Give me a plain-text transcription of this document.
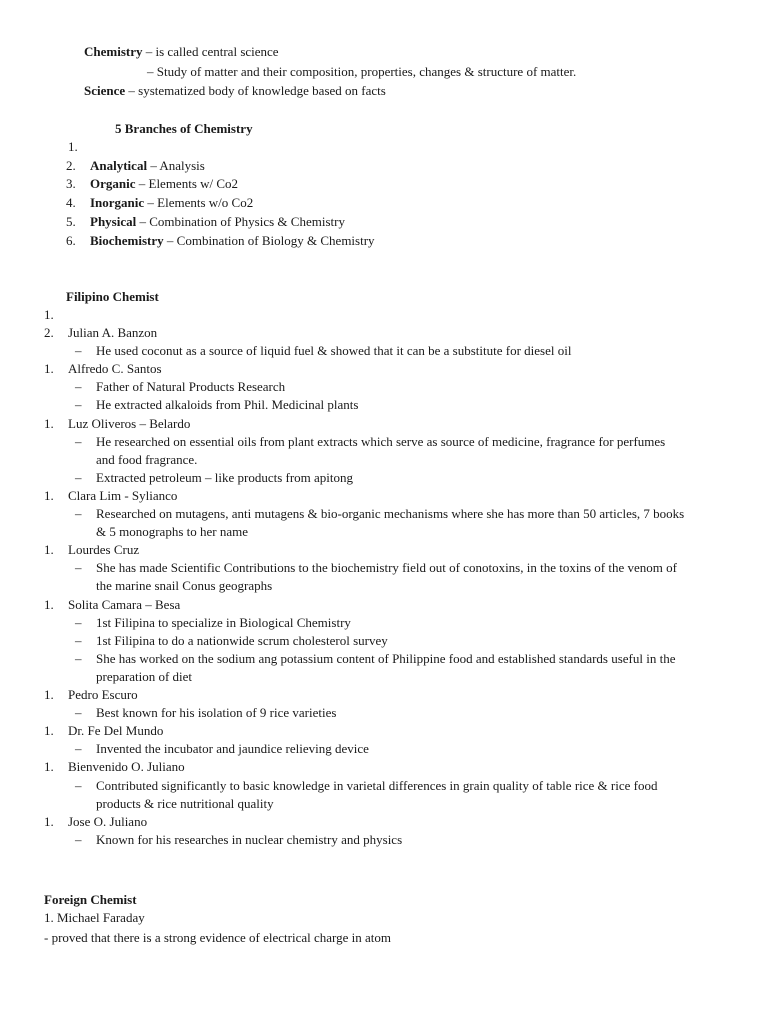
Chemistry – is called central science
– Study of matter and their composition, properties, changes & structure of matter.
Science – systematized body of knowledge based on facts
5 Branches of Chemistry
1.
2. Analytical – Analysis
3. Organic – Elements w/ Co2
4. Inorganic – Elements w/o Co2
5. Physical – Combination of Physics & Chemistry
6. Biochemistry – Combination of Biology & Chemistry
Filipino Chemist
1.
2. Julian A. Banzon
– He used coconut as a source of liquid fuel & showed that it can be a substitute for diesel oil
1. Alfredo C. Santos
– Father of Natural Products Research
– He extracted alkaloids from Phil. Medicinal plants
1. Luz Oliveros – Belardo
– He researched on essential oils from plant extracts which serve as source of medicine, fragrance for perfumes
and food fragrance.
– Extracted petroleum – like products from apitong
1. Clara Lim - Sylianco
– Researched on mutagens, anti mutagens & bio-organic mechanisms where she has more than 50 articles, 7 books
& 5 monographs to her name
1. Lourdes Cruz
– She has made Scientific Contributions to the biochemistry field out of conotoxins, in the toxins of the venom of
the marine snail Conus geographs
1. Solita Camara – Besa
– 1st Filipina to specialize in Biological Chemistry
– 1st Filipina to do a nationwide scrum cholesterol survey
– She has worked on the sodium ang potassium content of Philippine food and established standards useful in the
preparation of diet
1. Pedro Escuro
– Best known for his isolation of 9 rice varieties
1. Dr. Fe Del Mundo
– Invented the incubator and jaundice relieving device
1. Bienvenido O. Juliano
– Contributed significantly to basic knowledge in varietal differences in grain quality of table rice & rice food
products & rice nutritional quality
1. Jose O. Juliano
– Known for his researches in nuclear chemistry and physics
Foreign Chemist
1. Michael Faraday
- proved that there is a strong evidence of electrical charge in atom
